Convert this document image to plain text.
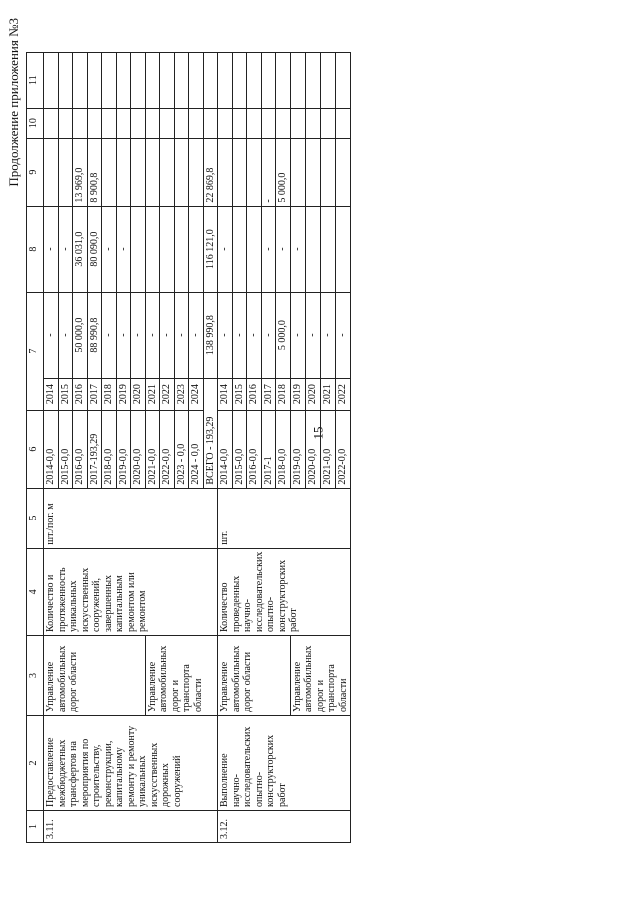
15
Продолжение приложения №3
1	2	3	4	5	6	7		8	9	10	11
3.11.	Предоставление межбюджетных трансфертов на мероприятия по строительству, реконструкции, капитальному ремонту и ремонту уникальных искусственных дорожных сооружений	Управление автомобильных дорог области	Количество и протяженность уникальных искусственных сооружений, завершенных капитальным ремонтом или ремонтом	шт./пог. м	2014-0,0	2014	-	-			
					2015-0,0	2015	-	-			
					2016-0,0	2016	50 000,0	36 031,0	13 969,0		
					2017-193,29	2017	88 990,8	80 090,0	8 900,8		
					2018-0,0	2018	-	-			
					2019-0,0	2019	-	-			
					2020-0,0	2020	-				
		Управление автомобильных дорог и транспорта области			2021-0,0	2021	-				
					2022-0,0	2022	-				
					2023 - 0,0	2023	-				
					2024 - 0,0	2024	-				
					ВСЕГО - 193,29		138 990,8	116 121,0	22 869,8		
3.12.	Выполнение научно-исследовательских опытно-конструкторских работ	Управление автомобильных дорог области	Количество проведенных научно-исследовательских опытно-конструкторских работ	шт.	2014-0,0	2014	-	-			
					2015-0,0	2015	-				
					2016-0,0	2016	-				
					2017-1	2017	-	-	-		
					2018-0,0	2018	5 000,0	-	5 000,0		
		Управление автомобильных дорог и транспорта области			2019-0,0	2019	-	-			
					2020-0,0	2020	-				
					2021-0,0	2021	-				
					2022-0,0	2022	-				
